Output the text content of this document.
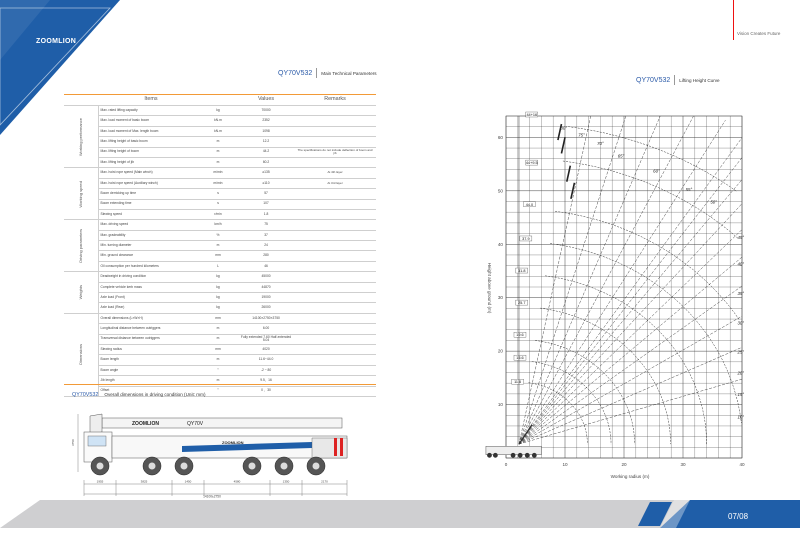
ZOOMLION
Vision Creates Future
QY70V532 Main Technical Parameters
Items			Values	Remarks

Working performance	Max. rated lifting capacity	kg	70000	
	Max. load moment of basic boom	kN.m	2352	
	Max. load moment of Max. length boom	kN.m	1098	
	Max. lifting height of basic boom	m	12.2	
	Max. lifting height of boom	m	44.2	The specifications do not include deflection of boom and jib
	Max. lifting height of jib	m	60.2	

Working speed	Max. hoist rope speed (Main winch)	m/min	≥135	At 4th layer
	Max. hoist rope speed (Auxiliary winch)	m/min	≥110	At 3rd layer
	Boom derricking up time	s	57	
	Boom extending time	s	107	
	Slewing speed	r/min	1.8	

Driving parameters	Max. driving speed	km/h	75	
	Max. gradeability	%	37	
	Min. turning diameter	m	24	
	Min. ground clearance	mm	280	
	Oil consumption per hundred kilometers	L	46	

Weights	Deadweight in driving condition	kg	45000	
	Complete vehicle kerb mass	kg	44870	
	Axle load (Front)	kg	19000	
	Axle load (Rear)	kg	26000	

Dimensions	Overall dimensions (L×W×H)	mm	14100×2750×3750	
	Longitudinal distance between outriggers	m	6.00	
	Transversal distance between outriggers	m	Fully extended 7.60 Half-extended 5.04	
	Slewing radius	mm	4020	
	Boom length	m	11.6~44.0	
	Boom angle	°	-2 ~ 80	
	Jib length	m	9.5、16	
	Offset	°	0 、30	
QY70V532 Overall dimensions in driving condition (Unit: mm)
ZOOMLION	QY70V
ZOOMLION
3750
1955	3825	1450	4580	1350	2170
14100±2750
QY70V532 Lifting Height Curve
0	10	20	30	40
10
20
30
40
50
60
11.6
15.6
19.6
25.7
31.8
37.9
44.0
44+9.5
44+16
80°
75°
70°
65°
60°
55°
50°
45°
40°
35°
30°
25°
20°
15°
10°
Working radius (m)
Height above ground (m)
07/08
